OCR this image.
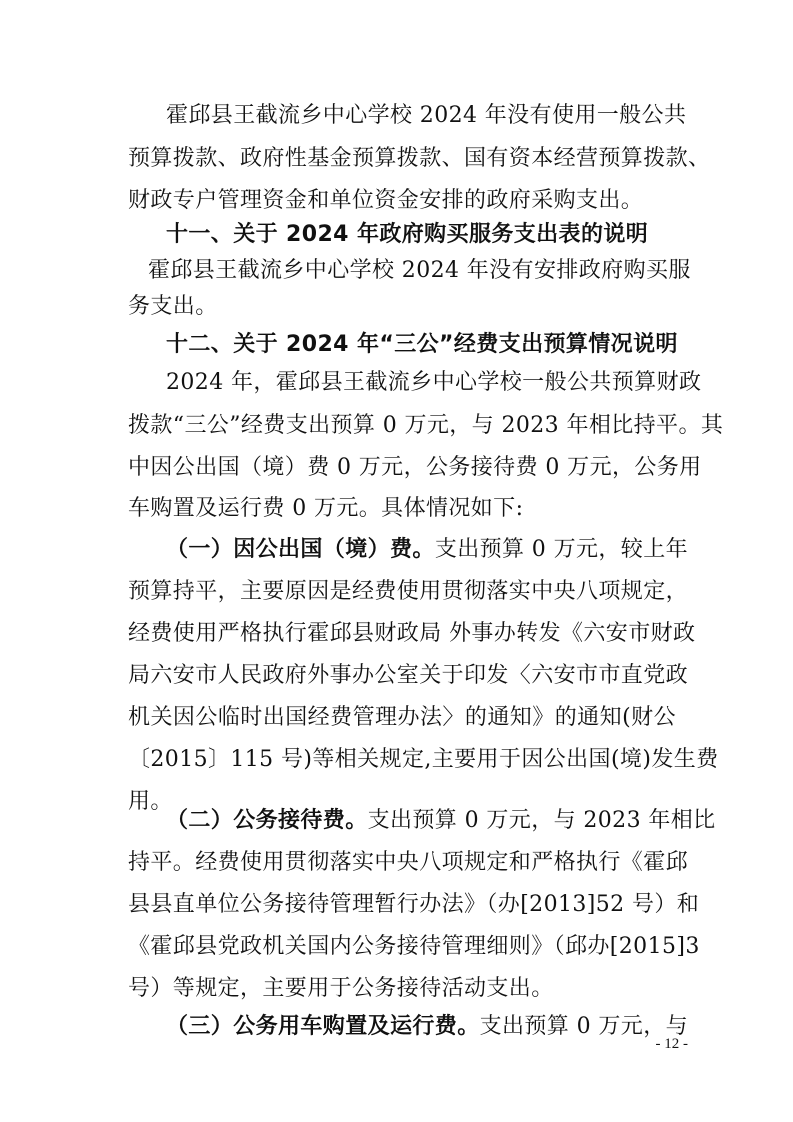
霍邱县王截流乡中心学校 2024 年没有使用一般公共
预算拨款、政府性基金预算拨款、国有资本经营预算拨款、
财政专户管理资金和单位资金安排的政府采购支出。
十一、关于 2024 年政府购买服务支出表的说明
霍邱县王截流乡中心学校 2024 年没有安排政府购买服
务支出。
十二、关于 2024 年“三公”经费支出预算情况说明
2024 年，霍邱县王截流乡中心学校一般公共预算财政
拨款“三公”经费支出预算 0 万元，与 2023 年相比持平。其
中因公出国（境）费 0 万元，公务接待费 0 万元，公务用
车购置及运行费 0 万元。具体情况如下:
（一）因公出国（境）费。支出预算 0 万元，较上年
预算持平，主要原因是经费使用贯彻落实中央八项规定，
经费使用严格执行霍邱县财政局 外事办转发《六安市财政
局六安市人民政府外事办公室关于印发〈六安市市直党政
机关因公临时出国经费管理办法〉的通知》的通知(财公
〔2015〕115 号)等相关规定,主要用于因公出国(境)发生费
用。
（二）公务接待费。支出预算 0 万元，与 2023 年相比
持平。经费使用贯彻落实中央八项规定和严格执行《霍邱
县县直单位公务接待管理暂行办法》（办[2013]52 号）和
《霍邱县党政机关国内公务接待管理细则》（邱办[2015]3
号）等规定，主要用于公务接待活动支出。
（三）公务用车购置及运行费。支出预算 0 万元，与
- 12 -
